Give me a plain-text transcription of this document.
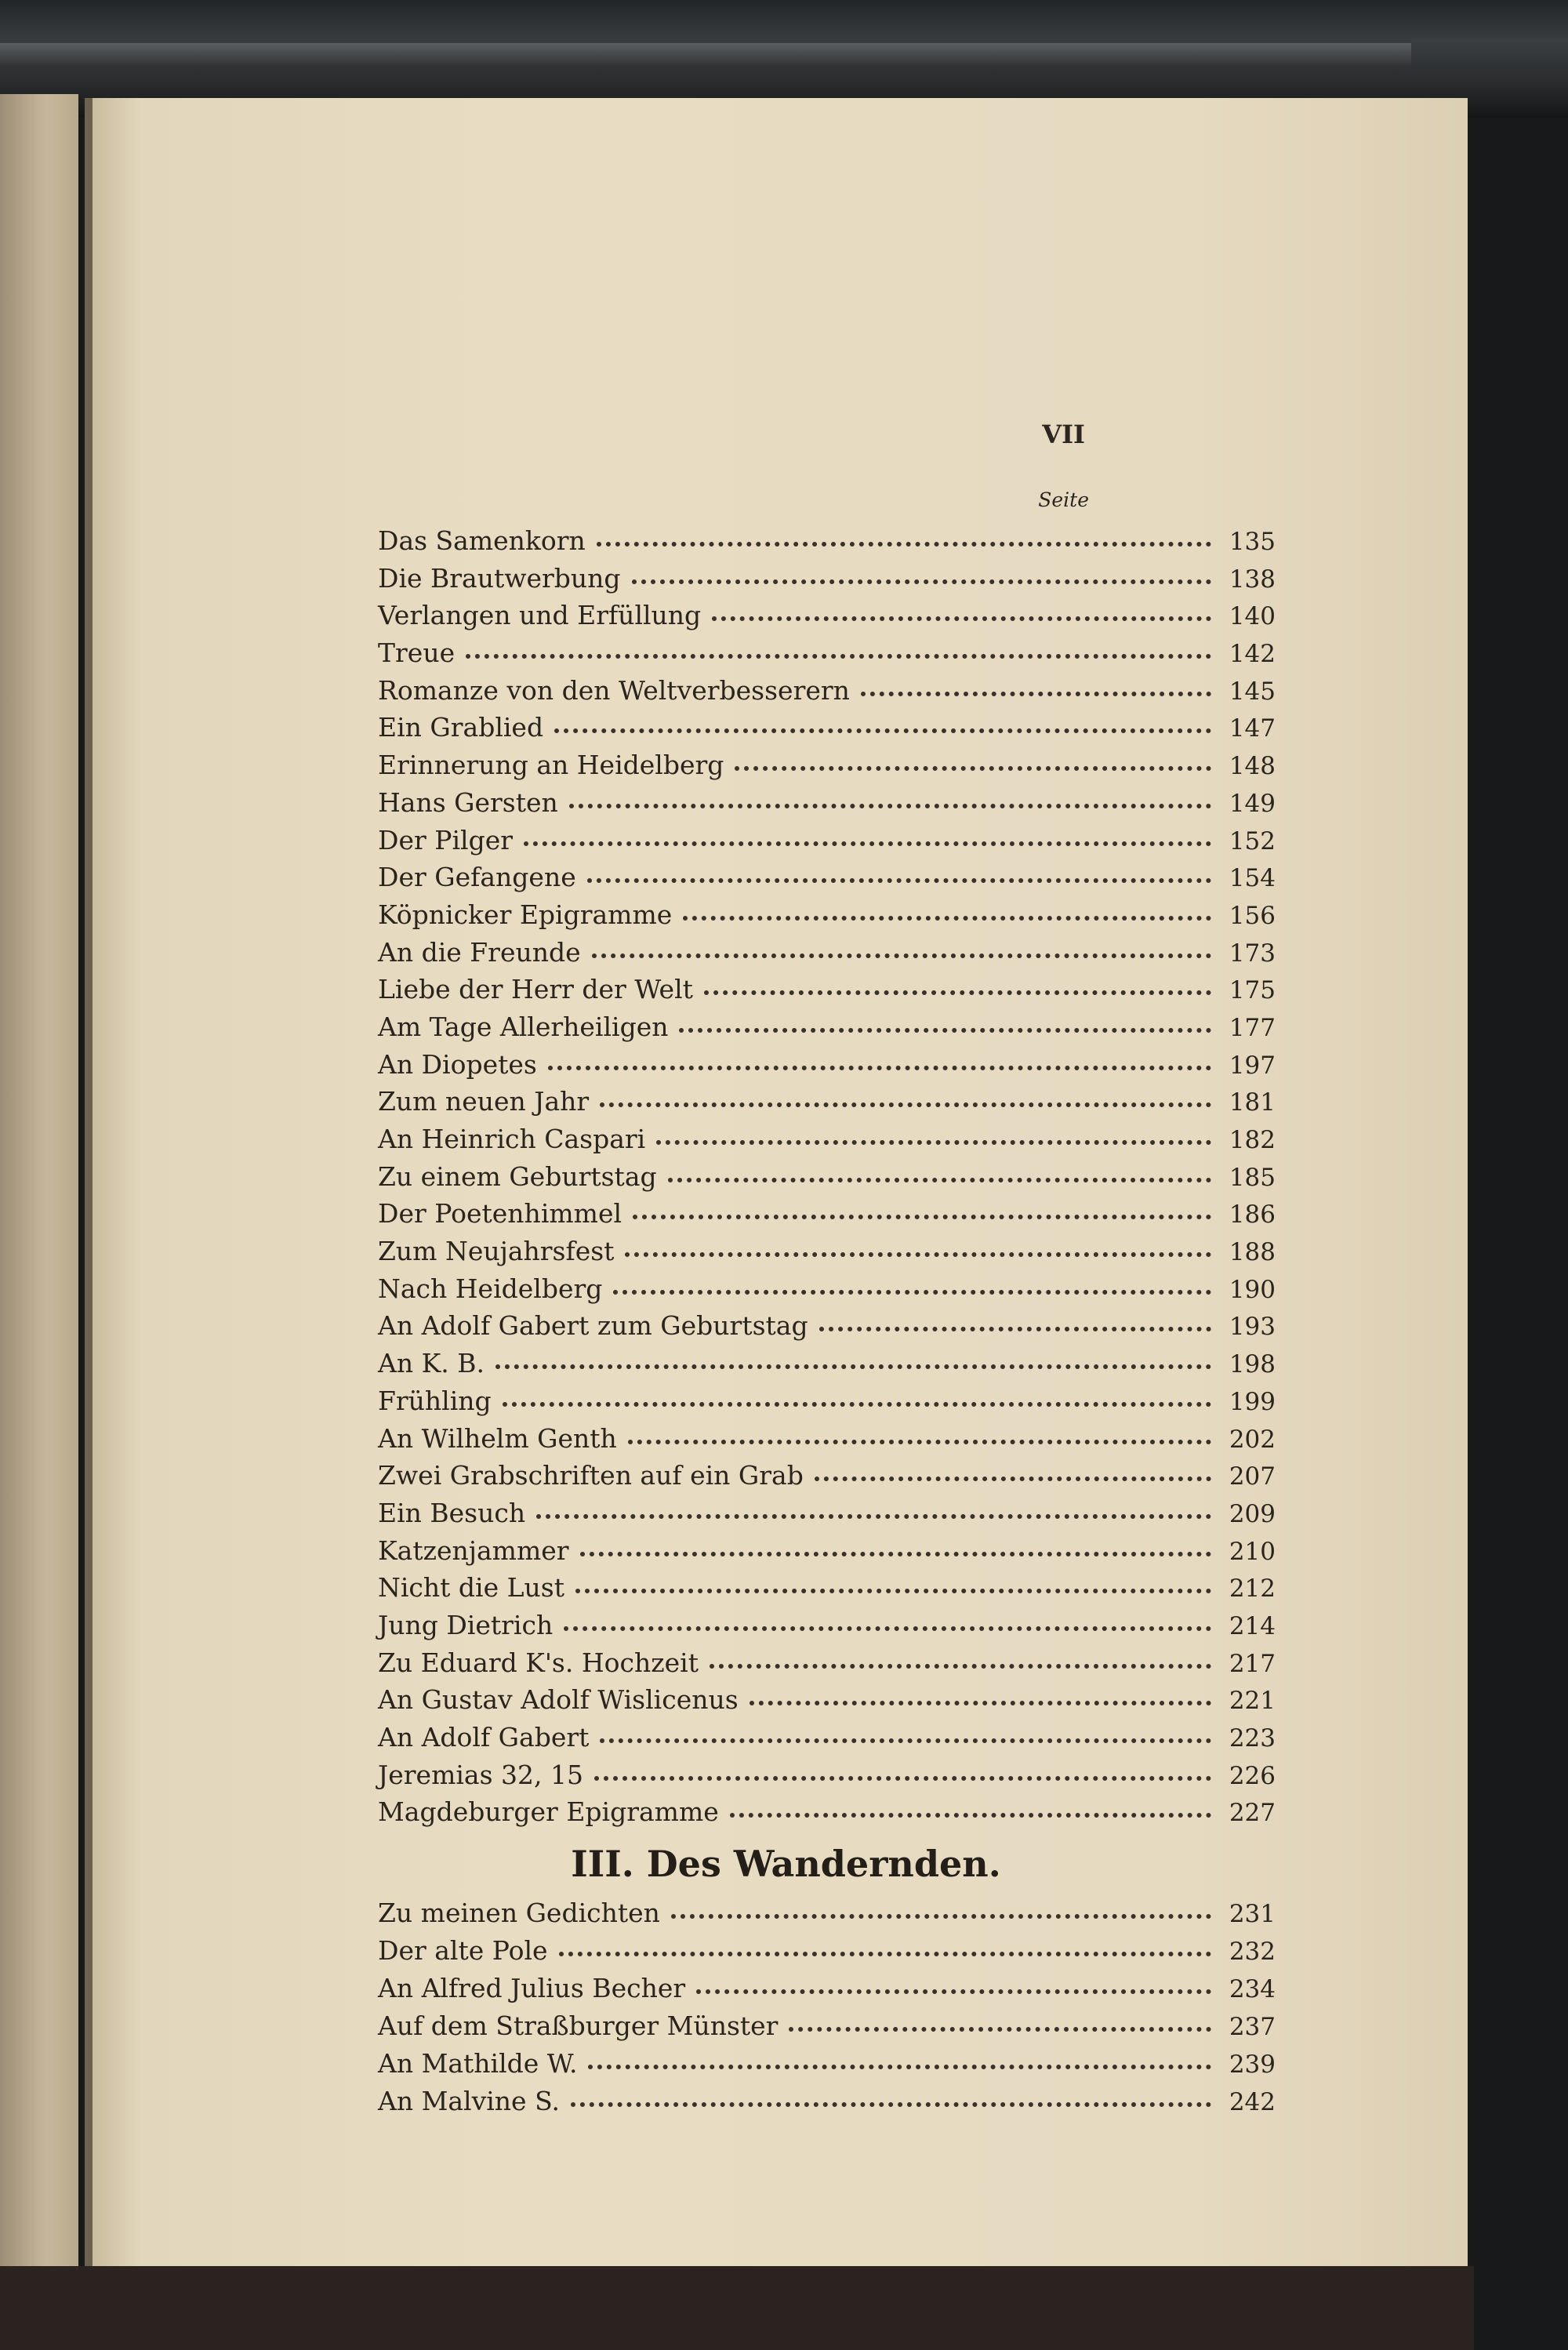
VII
Seite
Das Samenkorn	135
Die Brautwerbung	138
Verlangen und Erfüllung	140
Treue	142
Romanze von den Weltverbesserern	145
Ein Grablied	147
Erinnerung an Heidelberg	148
Hans Gersten	149
Der Pilger	152
Der Gefangene	154
Köpnicker Epigramme	156
An die Freunde	173
Liebe der Herr der Welt	175
Am Tage Allerheiligen	177
An Diopetes	197
Zum neuen Jahr	181
An Heinrich Caspari	182
Zu einem Geburtstag	185
Der Poetenhimmel	186
Zum Neujahrsfest	188
Nach Heidelberg	190
An Adolf Gabert zum Geburtstag	193
An K. B.	198
Frühling	199
An Wilhelm Genth	202
Zwei Grabschriften auf ein Grab	207
Ein Besuch	209
Katzenjammer	210
Nicht die Lust	212
Jung Dietrich	214
Zu Eduard K's. Hochzeit	217
An Gustav Adolf Wislicenus	221
An Adolf Gabert	223
Jeremias 32, 15	226
Magdeburger Epigramme	227
III. Des Wandernden.
Zu meinen Gedichten	231
Der alte Pole	232
An Alfred Julius Becher	234
Auf dem Straßburger Münster	237
An Mathilde W.	239
An Malvine S.	242
